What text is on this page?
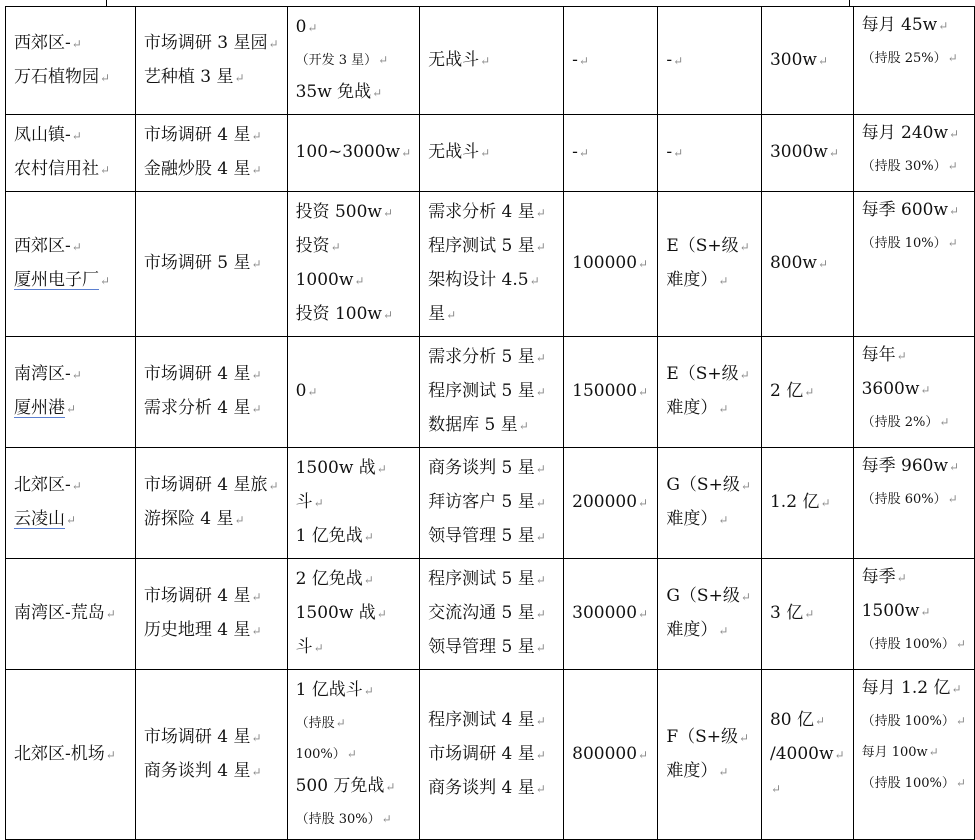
西郊区-↵
万石植物园↵	市场调研 3 星园↵
艺种植 3 星↵	0↵
（开发 3 星）↵
35w 免战↵	无战斗↵	-↵	-↵	300w↵	每月 45w↵
（持股 25%）↵

凤山镇-↵
农村信用社↵	市场调研 4 星↵
金融炒股 4 星↵	100~3000w↵	无战斗↵	-↵	-↵	3000w↵	每月 240w↵
（持股 30%）↵

西郊区-↵
厦州电子厂↵	市场调研 5 星↵	投资 500w↵
投资↵
1000w↵
投资 100w↵	需求分析 4 星↵
程序测试 5 星↵
架构设计 4.5↵
星↵	100000↵	E（S+级↵
难度）↵	800w↵	每季 600w↵
（持股 10%）↵

南湾区-↵
厦州港↵	市场调研 4 星↵
需求分析 4 星↵	0↵	需求分析 5 星↵
程序测试 5 星↵
数据库 5 星↵	150000↵	E（S+级↵
难度）↵	2 亿↵	每年↵
3600w↵
（持股 2%）↵

北郊区-↵
云凌山↵	市场调研 4 星旅↵
游探险 4 星↵	1500w 战↵
斗↵
1 亿免战↵	商务谈判 5 星↵
拜访客户 5 星↵
领导管理 5 星↵	200000↵	G（S+级↵
难度）↵	1.2 亿↵	每季 960w↵
（持股 60%）↵

南湾区-荒岛↵	市场调研 4 星↵
历史地理 4 星↵	2 亿免战↵
1500w 战↵
斗↵	程序测试 5 星↵
交流沟通 5 星↵
领导管理 5 星↵	300000↵	G（S+级↵
难度）↵	3 亿↵	每季↵
1500w↵
（持股 100%）↵

北郊区-机场↵	市场调研 4 星↵
商务谈判 4 星↵	1 亿战斗↵
（持股↵
100%）↵
500 万免战↵
（持股 30%）↵	程序测试 4 星↵
市场调研 4 星↵
商务谈判 4 星↵	800000↵	F（S+级↵
难度）↵	80 亿↵
/4000w↵
↵	每月 1.2 亿↵
（持股 100%）↵
每月 100w↵
（持股 100%）↵
